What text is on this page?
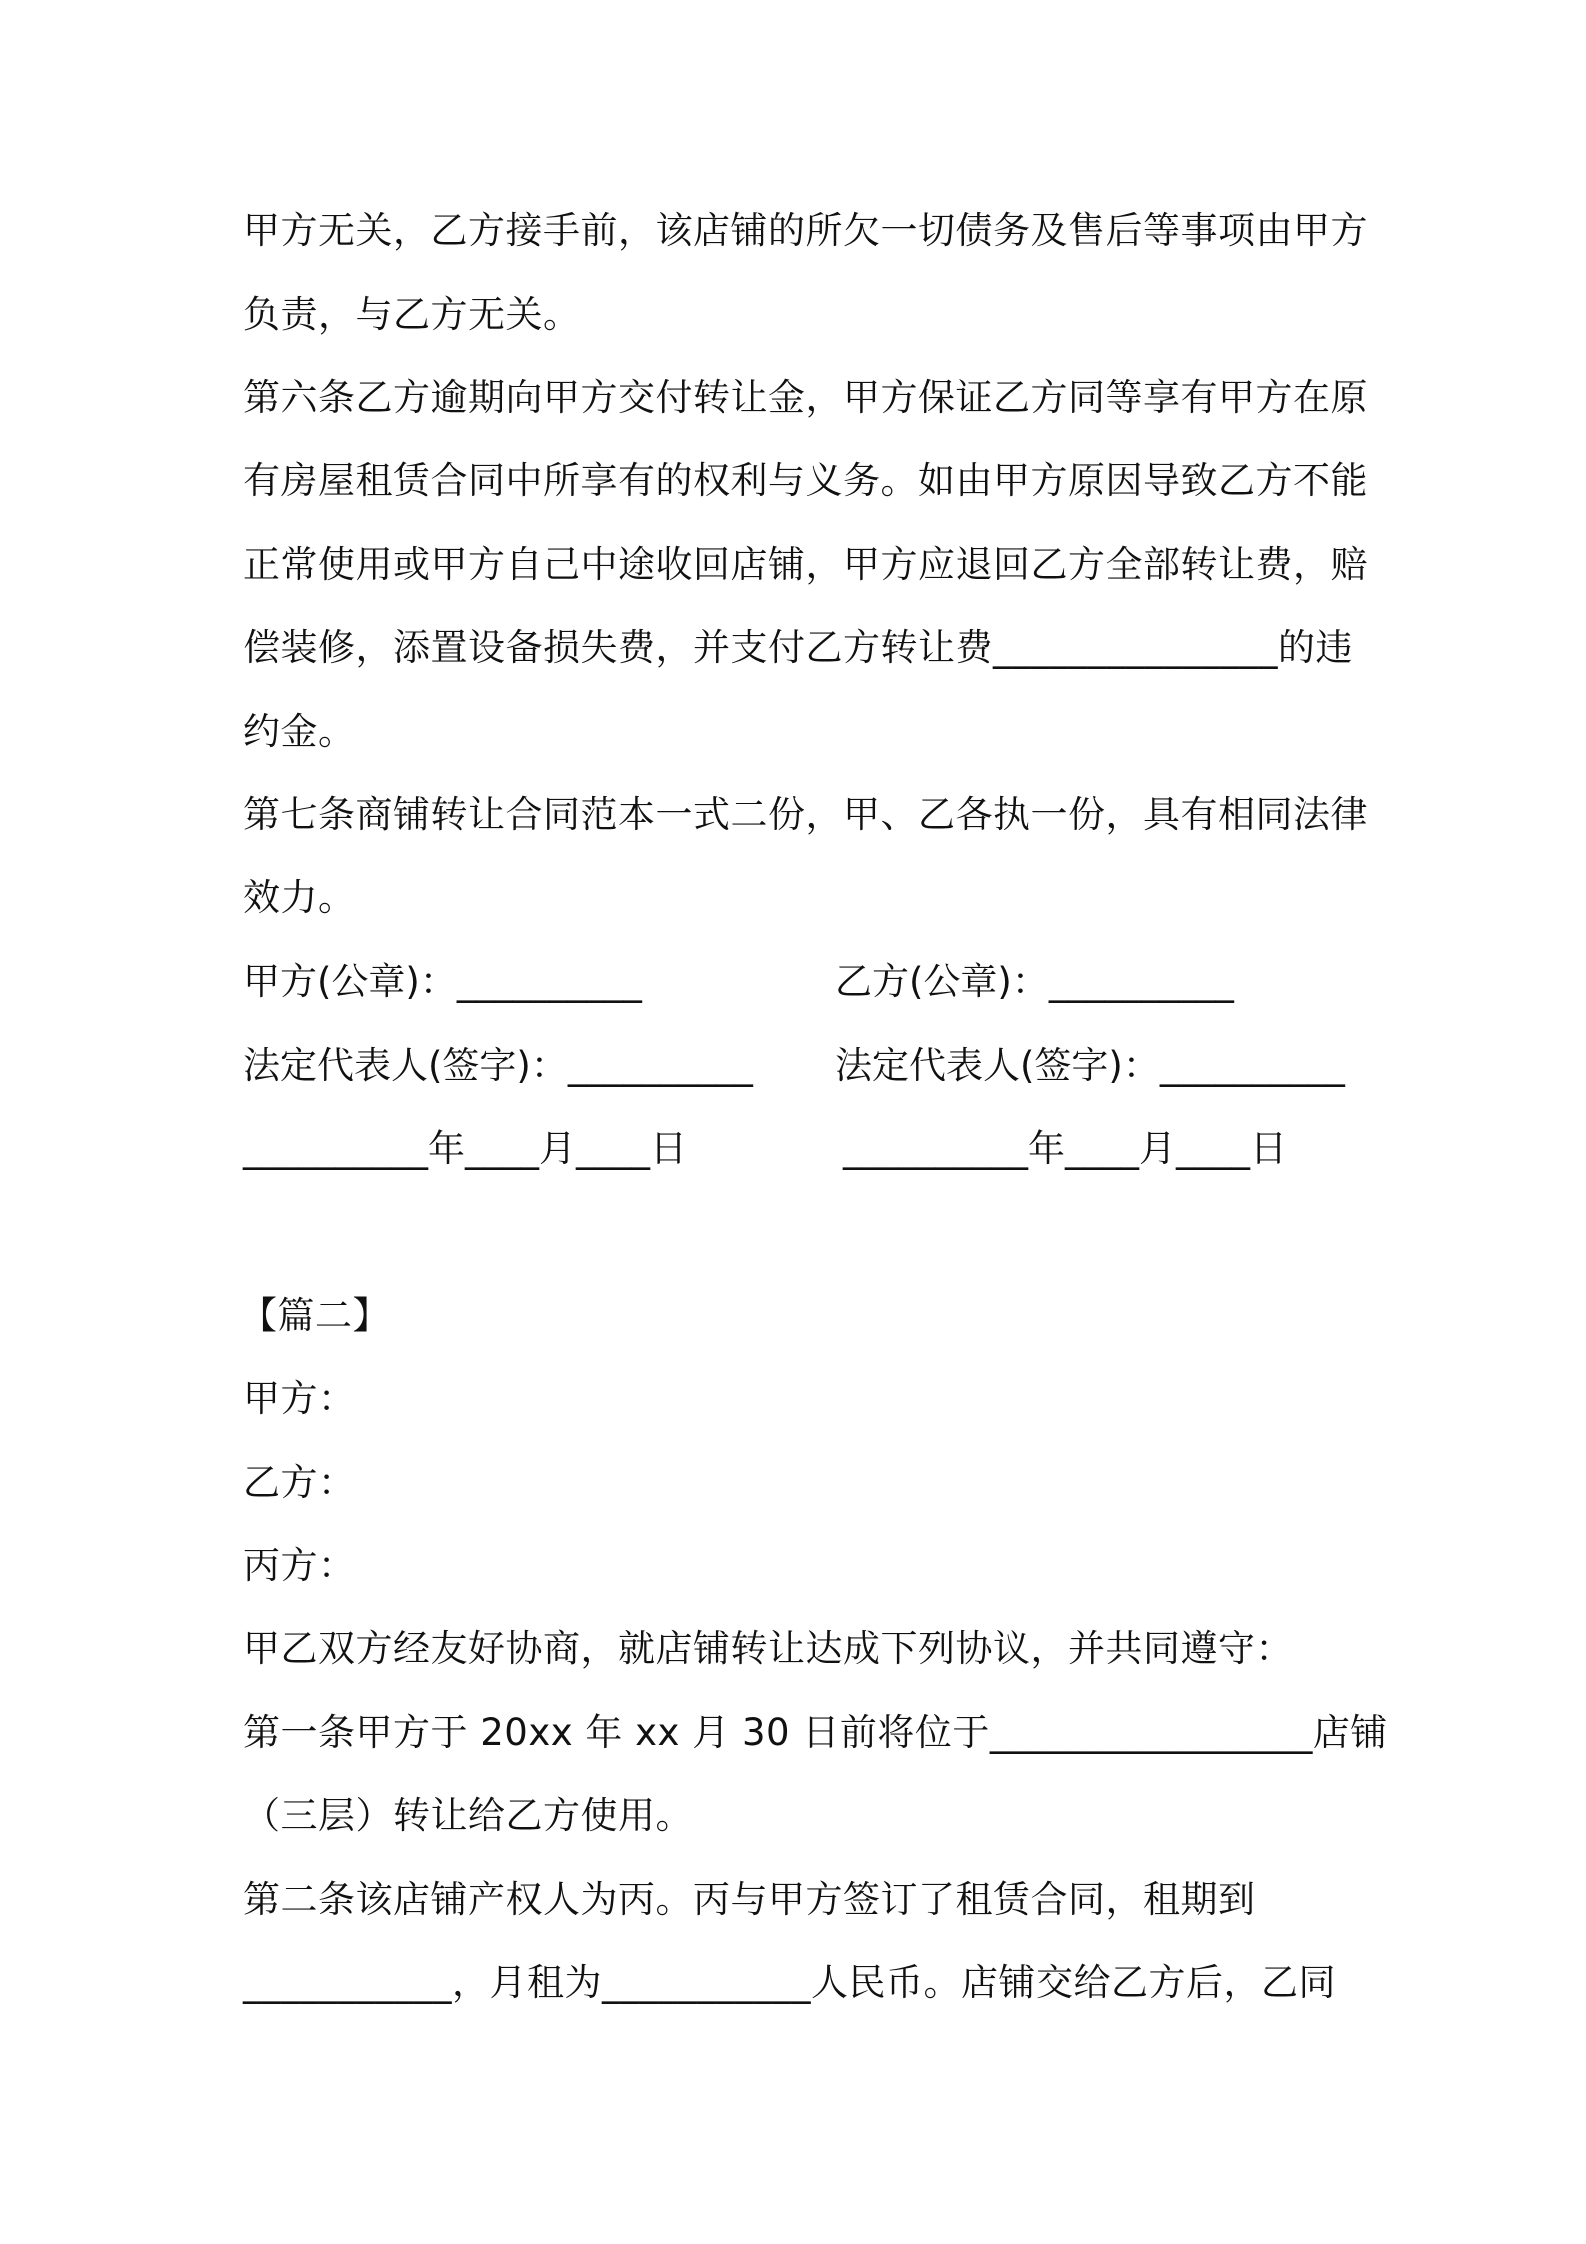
甲方无关，乙方接手前，该店铺的所欠一切债务及售后等事项由甲方
负责，与乙方无关。
第六条乙方逾期向甲方交付转让金，甲方保证乙方同等享有甲方在原
有房屋租赁合同中所享有的权利与义务。如由甲方原因导致乙方不能
正常使用或甲方自己中途收回店铺，甲方应退回乙方全部转让费，赔
偿装修，添置设备损失费，并支付乙方转让费_______________的违
约金。
第七条商铺转让合同范本一式二份，甲、乙各执一份，具有相同法律
效力。
甲方(公章)：__________	乙方(公章)：__________
法定代表人(签字)：__________ 法定代表人(签字)：__________
__________年____月____日	__________年____月____日
【篇二】
甲方：
乙方：
丙方：
甲乙双方经友好协商，就店铺转让达成下列协议，并共同遵守：
第一条甲方于 20xx 年 xx 月 30 日前将位于_________________店铺
（三层）转让给乙方使用。
第二条该店铺产权人为丙。丙与甲方签订了租赁合同，租期到
___________，月租为___________人民币。店铺交给乙方后，乙同
